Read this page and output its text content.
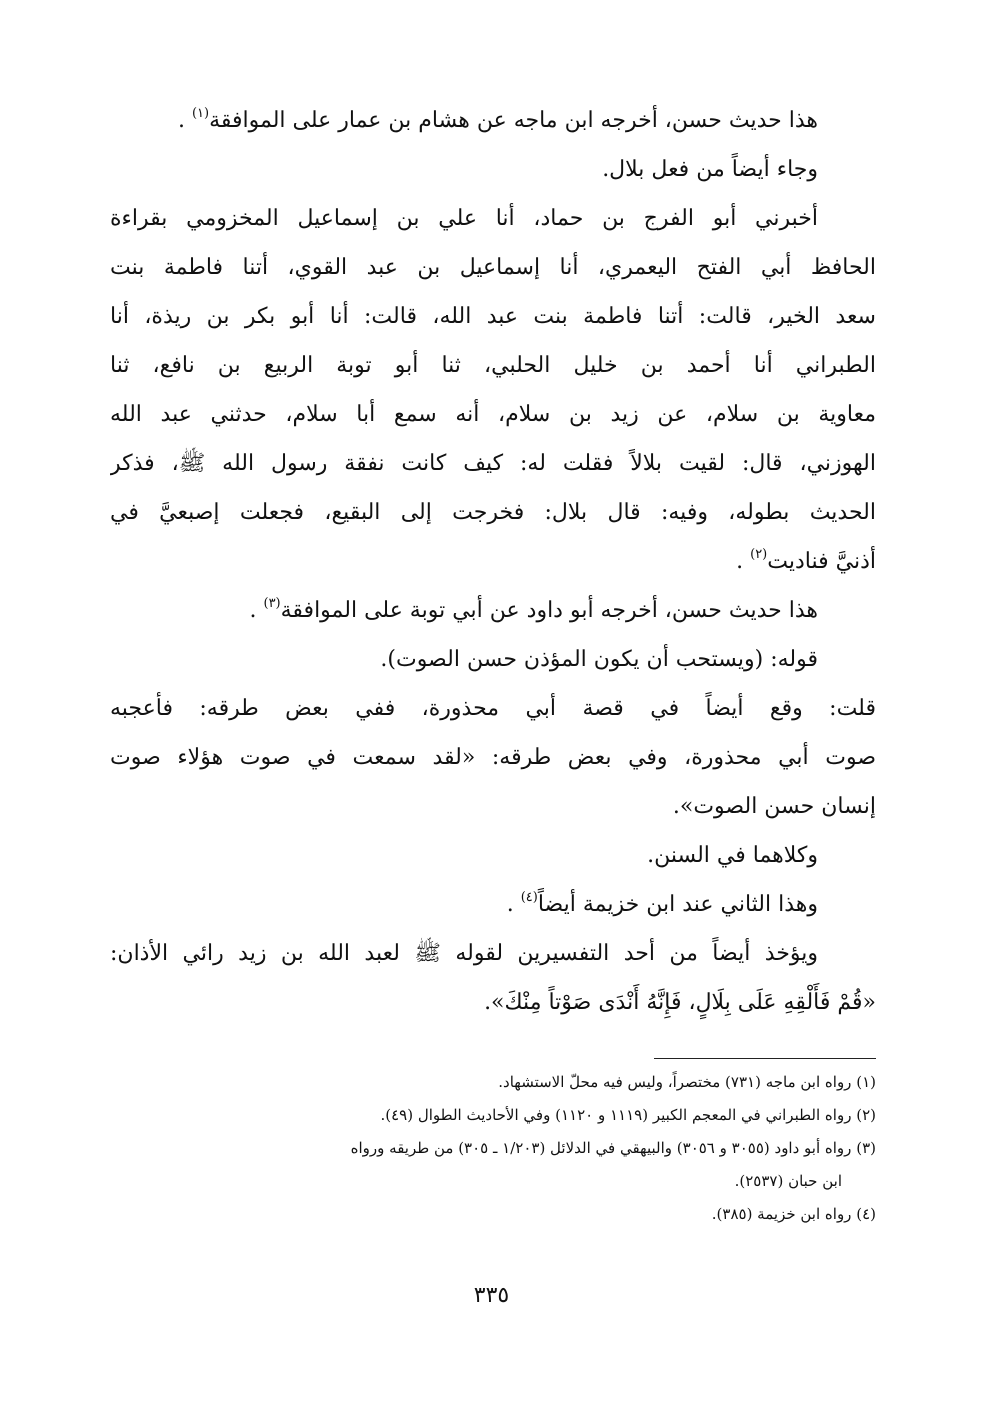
هذا حديث حسن، أخرجه ابن ماجه عن هشام بن عمار على الموافقة$^{(١)}$ .
وجاء أيضاً من فعل بلال.
أخبرني أبو الفرج بن حماد، أنا علي بن إسماعيل المخزومي بقراءة
الحافظ أبي الفتح اليعمري، أنا إسماعيل بن عبد القوي، أتنا فاطمة بنت
سعد الخير، قالت: أتنا فاطمة بنت عبد الله، قالت: أنا أبو بكر بن ريذة، أنا
الطبراني أنا أحمد بن خليل الحلبي، ثنا أبو توبة الربيع بن نافع، ثنا
معاوية بن سلام، عن زيد بن سلام، أنه سمع أبا سلام، حدثني عبد الله
الهوزني، قال: لقيت بلالاً فقلت له: كيف كانت نفقة رسول الله ﷺ، فذكر
الحديث بطوله، وفيه: قال بلال: فخرجت إلى البقيع، فجعلت إصبعيَّ في
أذنيَّ فناديت$^{(٢)}$ .
هذا حديث حسن، أخرجه أبو داود عن أبي توبة على الموافقة$^{(٣)}$ .
قوله: (ويستحب أن يكون المؤذن حسن الصوت).
قلت: وقع أيضاً في قصة أبي محذورة، ففي بعض طرقه: فأعجبه
صوت أبي محذورة، وفي بعض طرقه: «لقد سمعت في صوت هؤلاء صوت
إنسان حسن الصوت».
وكلاهما في السنن.
وهذا الثاني عند ابن خزيمة أيضاً$^{(٤)}$ .
ويؤخذ أيضاً من أحد التفسيرين لقوله ﷺ لعبد الله بن زيد رائي الأذان:
«قُمْ فَأَلْقِهِ عَلَى بِلَالٍ، فَإِنَّهُ أَنْدَى صَوْتاً مِنْكَ».
(١) رواه ابن ماجه (٧٣١) مختصراً، وليس فيه محلّ الاستشهاد.
(٢) رواه الطبراني في المعجم الكبير (١١١٩ و ١١٢٠) وفي الأحاديث الطوال (٤٩).
(٣) رواه أبو داود (٣٠٥٥ و ٣٠٥٦) والبيهقي في الدلائل (١/٢٠٣ ـ ٣٠٥) من طريقه ورواه
ابن حبان (٢٥٣٧).
(٤) رواه ابن خزيمة (٣٨٥).
٣٣٥
